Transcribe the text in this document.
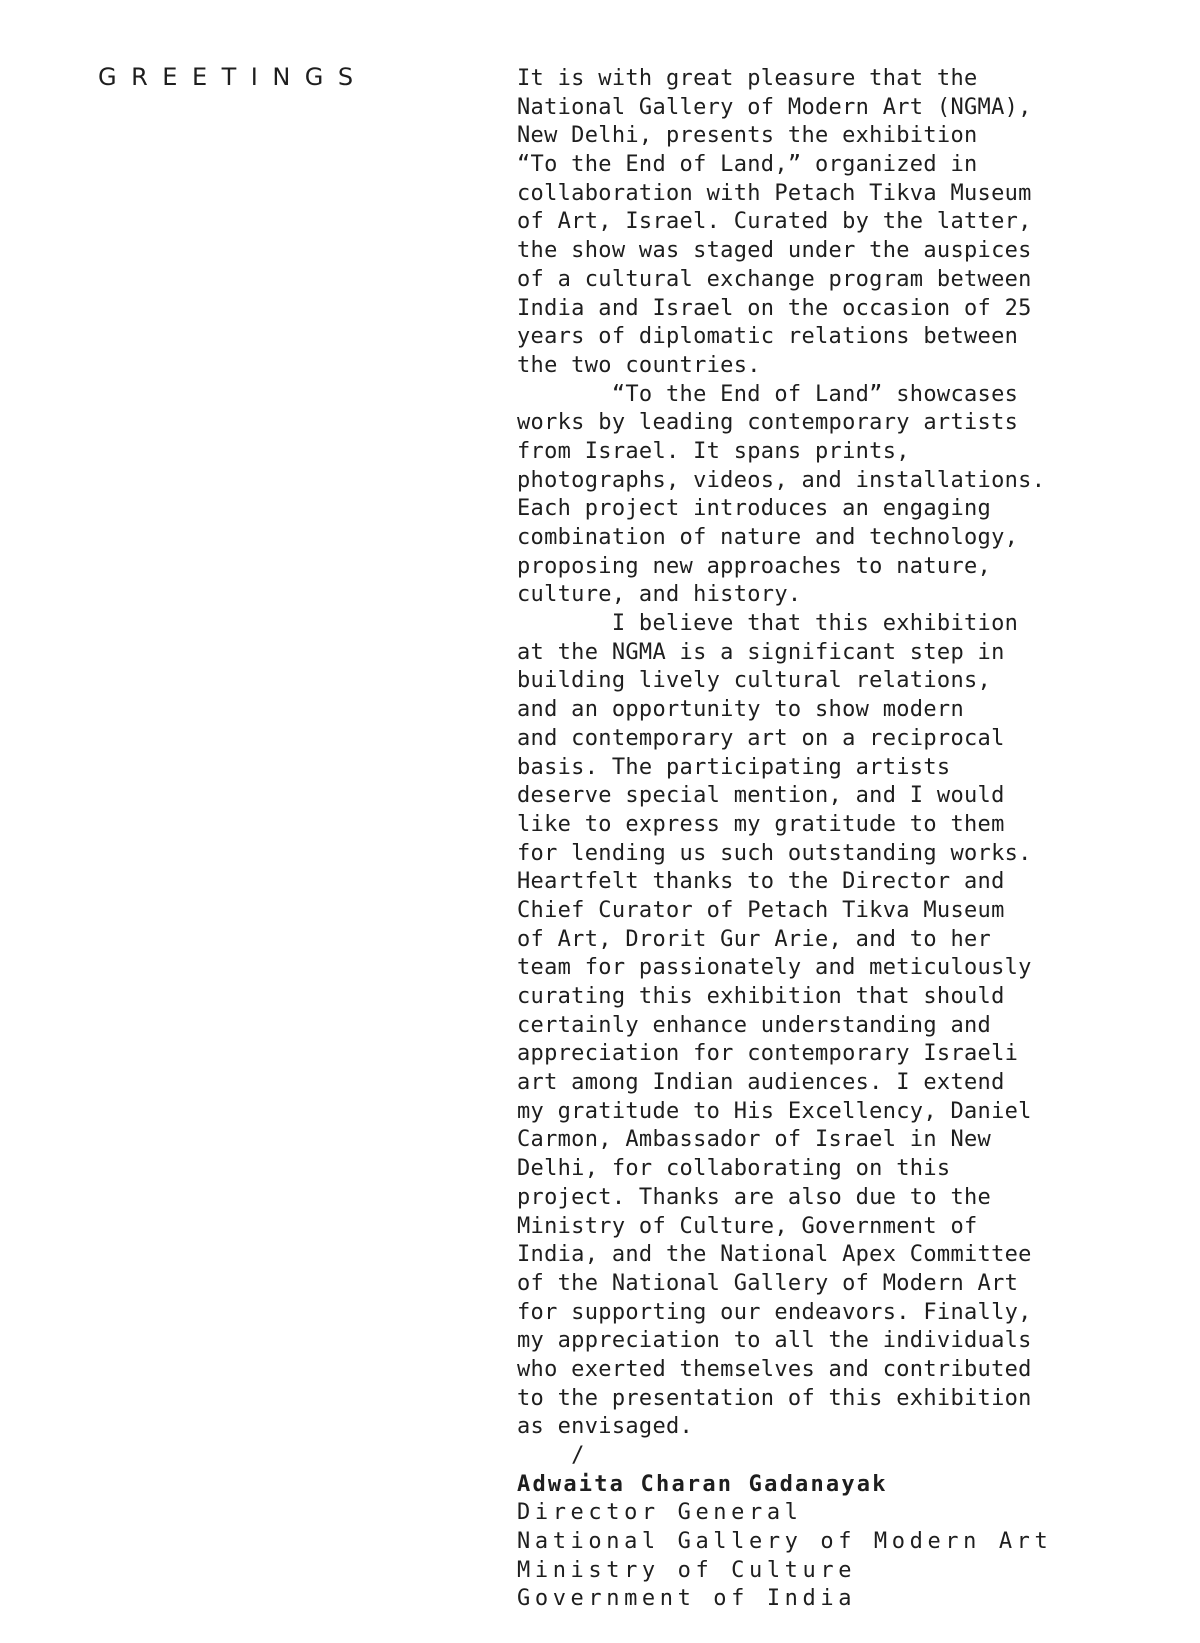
GREETINGS	It is with great pleasure that the
National Gallery of Modern Art (NGMA),
New Delhi, presents the exhibition
“To the End of Land,” organized in
collaboration with Petach Tikva Museum
of Art, Israel. Curated by the latter,
the show was staged under the auspices
of a cultural exchange program between
India and Israel on the occasion of 25
years of diplomatic relations between
the two countries.
“To the End of Land” showcases
works by leading contemporary artists
from Israel. It spans prints,
photographs, videos, and installations.
Each project introduces an engaging
combination of nature and technology,
proposing new approaches to nature,
culture, and history.
I believe that this exhibition
at the NGMA is a significant step in
building lively cultural relations,
and an opportunity to show modern
and contemporary art on a reciprocal
basis. The participating artists
deserve special mention, and I would
like to express my gratitude to them
for lending us such outstanding works.
Heartfelt thanks to the Director and
Chief Curator of Petach Tikva Museum
of Art, Drorit Gur Arie, and to her
team for passionately and meticulously
curating this exhibition that should
certainly enhance understanding and
appreciation for contemporary Israeli
art among Indian audiences. I extend
my gratitude to His Excellency, Daniel
Carmon, Ambassador of Israel in New
Delhi, for collaborating on this
project. Thanks are also due to the
Ministry of Culture, Government of
India, and the National Apex Committee
of the National Gallery of Modern Art
for supporting our endeavors. Finally,
my appreciation to all the individuals
who exerted themselves and contributed
to the presentation of this exhibition
as envisaged.
/
Adwaita Charan Gadanayak
Director General
National Gallery of Modern Art
Ministry of Culture
Government of India
